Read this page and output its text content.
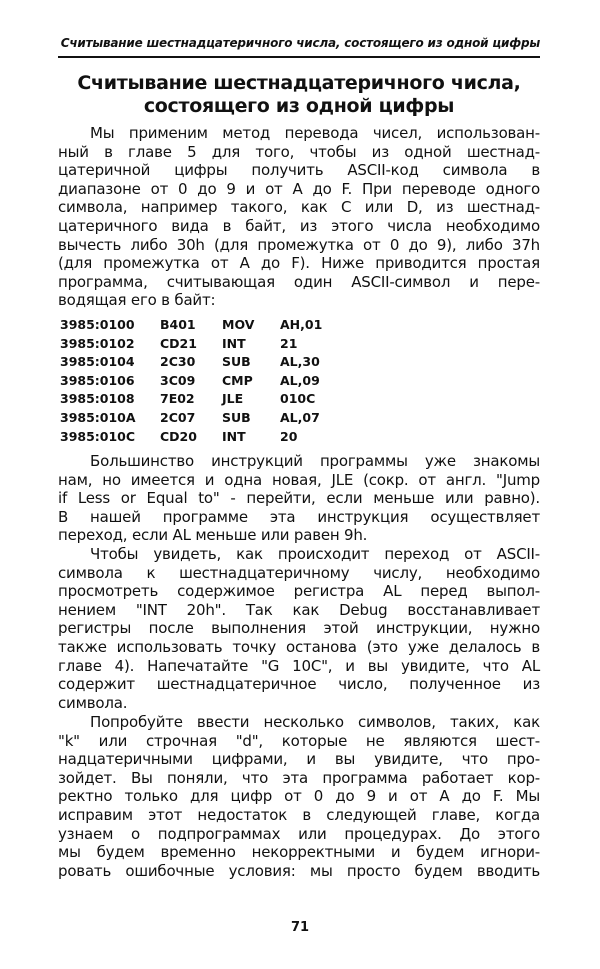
Считывание шестнадцатеричного числа, состоящего из одной цифры
Считывание шестнадцатеричного числа,
состоящего из одной цифры
Мы применим метод перевода чисел, использован-
ный в главе 5 для того, чтобы из одной шестнад-
цатеричной цифры получить ASCII-код символа в
диапазоне от 0 до 9 и от A до F. При переводе одного
символа, например такого, как C или D, из шестнад-
цатеричного вида в байт, из этого числа необходимо
вычесть либо 30h (для промежутка от 0 до 9), либо 37h
(для промежутка от A до F). Ниже приводится простая
программа, считывающая один ASCII-символ и пере-
водящая его в байт:
3985:0100 B401 MOV AH,01
3985:0102 CD21 INT	21
3985:0104 2C30 SUB AL,30
3985:0106 3C09 CMP AL,09
3985:0108 7E02 JLE	010C
3985:010A 2C07 SUB AL,07
3985:010C CD20 INT	20
Большинство инструкций программы уже знакомы
нам, но имеется и одна новая, JLE (сокр. от англ. "Jump
if Less or Equal to" - перейти, если меньше или равно).
В нашей программе эта инструкция осуществляет
переход, если AL меньше или равен 9h.
Чтобы увидеть, как происходит переход от ASCII-
символа к шестнадцатеричному числу, необходимо
просмотреть содержимое регистра AL перед выпол-
нением "INT 20h". Так как Debug восстанавливает
регистры после выполнения этой инструкции, нужно
также использовать точку останова (это уже делалось в
главе 4). Напечатайте "G 10C", и вы увидите, что AL
содержит шестнадцатеричное число, полученное из
символа.
Попробуйте ввести несколько символов, таких, как
"k" или строчная "d", которые не являются шест-
надцатеричными цифрами, и вы увидите, что про-
зойдет. Вы поняли, что эта программа работает кор-
ректно только для цифр от 0 до 9 и от A до F. Мы
исправим этот недостаток в следующей главе, когда
узнаем о подпрограммах или процедурах. До этого
мы будем временно некорректными и будем игнори-
ровать ошибочные условия: мы просто будем вводить
71
